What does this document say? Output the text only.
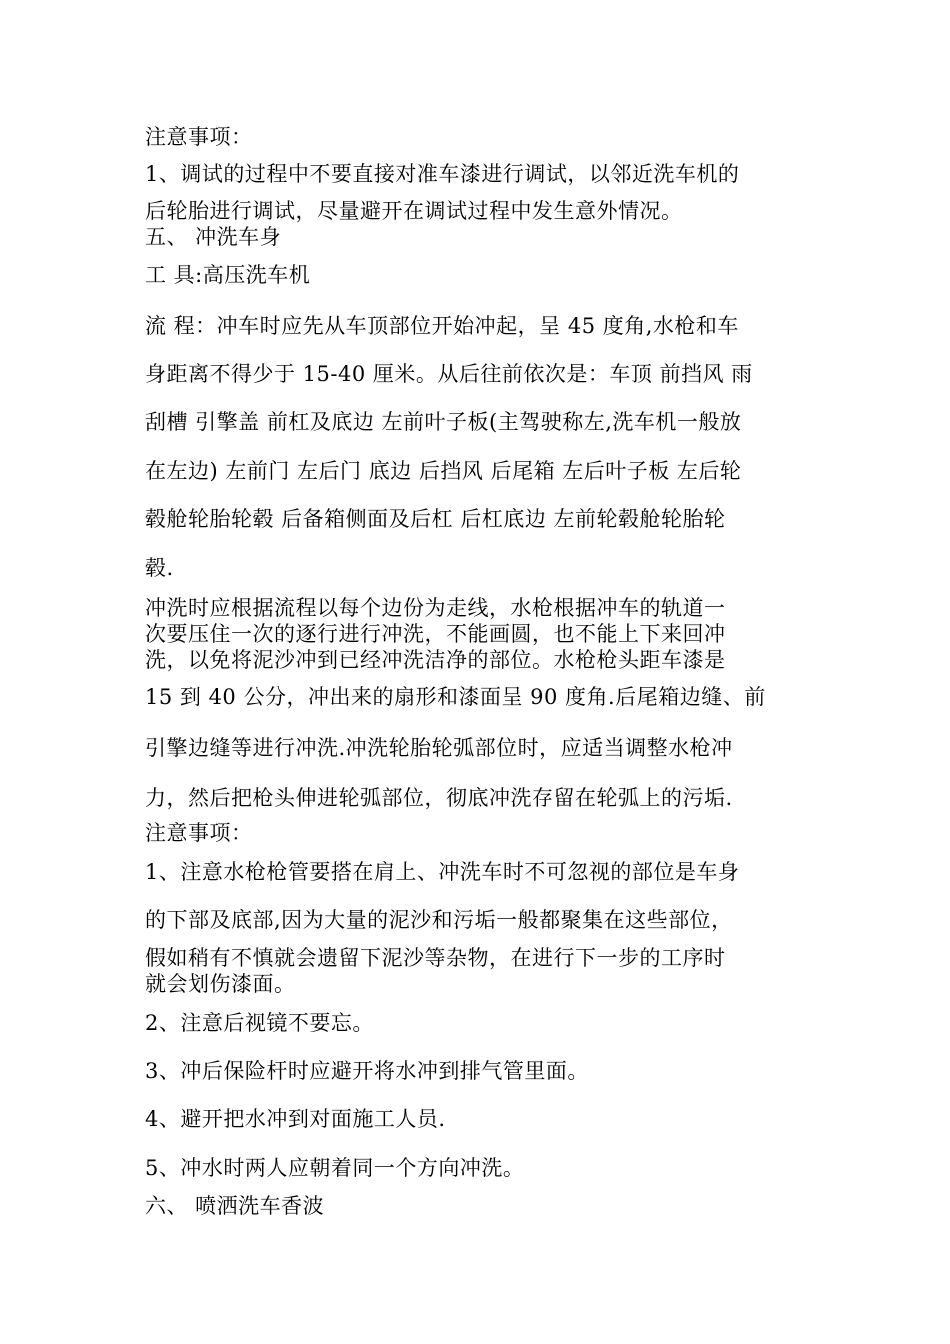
注意事项：
1、调试的过程中不要直接对准车漆进行调试，以邻近洗车机的
后轮胎进行调试，尽量避开在调试过程中发生意外情况。
五、 冲洗车身
工 具:高压洗车机
流 程：冲车时应先从车顶部位开始冲起，呈 45 度角,水枪和车
身距离不得少于 15-40 厘米。从后往前依次是：车顶 前挡风 雨
刮槽 引擎盖 前杠及底边 左前叶子板(主驾驶称左,洗车机一般放
在左边) 左前门 左后门 底边 后挡风 后尾箱 左后叶子板 左后轮
毂舱轮胎轮毂 后备箱侧面及后杠 后杠底边 左前轮毂舱轮胎轮
毂.
冲洗时应根据流程以每个边份为走线，水枪根据冲车的轨道一
次要压住一次的逐行进行冲洗，不能画圆，也不能上下来回冲
洗，以免将泥沙冲到已经冲洗洁净的部位。水枪枪头距车漆是
15 到 40 公分，冲出来的扇形和漆面呈 90 度角.后尾箱边缝、前
引擎边缝等进行冲洗.冲洗轮胎轮弧部位时，应适当调整水枪冲
力，然后把枪头伸进轮弧部位，彻底冲洗存留在轮弧上的污垢.
注意事项：
1、注意水枪枪管要搭在肩上、冲洗车时不可忽视的部位是车身
的下部及底部,因为大量的泥沙和污垢一般都聚集在这些部位，
假如稍有不慎就会遗留下泥沙等杂物，在进行下一步的工序时
就会划伤漆面。
2、注意后视镜不要忘。
3、冲后保险杆时应避开将水冲到排气管里面。
4、避开把水冲到对面施工人员.
5、冲水时两人应朝着同一个方向冲洗。
六、 喷洒洗车香波
